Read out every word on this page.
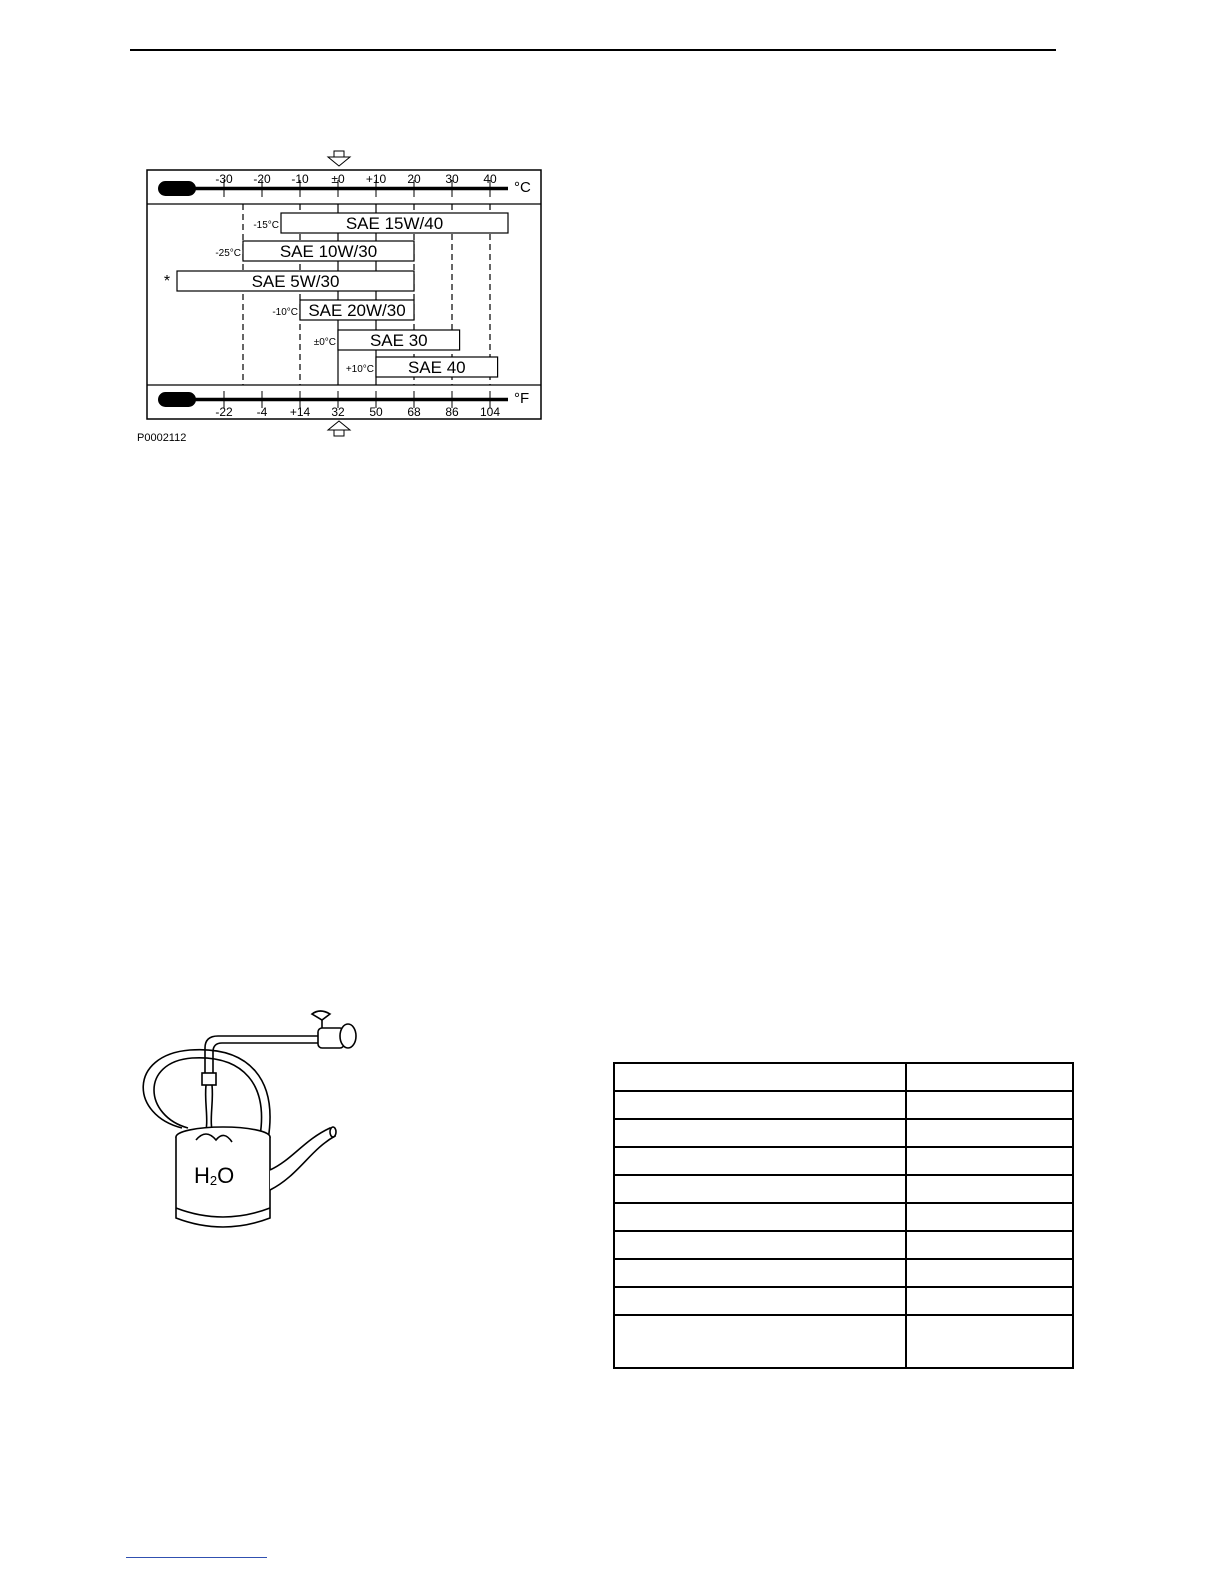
°C
°F
-30 -20 -10 ±0 +10 20 30 40
-22 -4 +14 32 50 68 86 104
SAE 15W/40
-15°C
SAE 10W/30
-25°C
SAE 5W/30
*
SAE 20W/30
-10°C
SAE 30
±0°C
SAE 40
+10°C
P0002112
H2O
